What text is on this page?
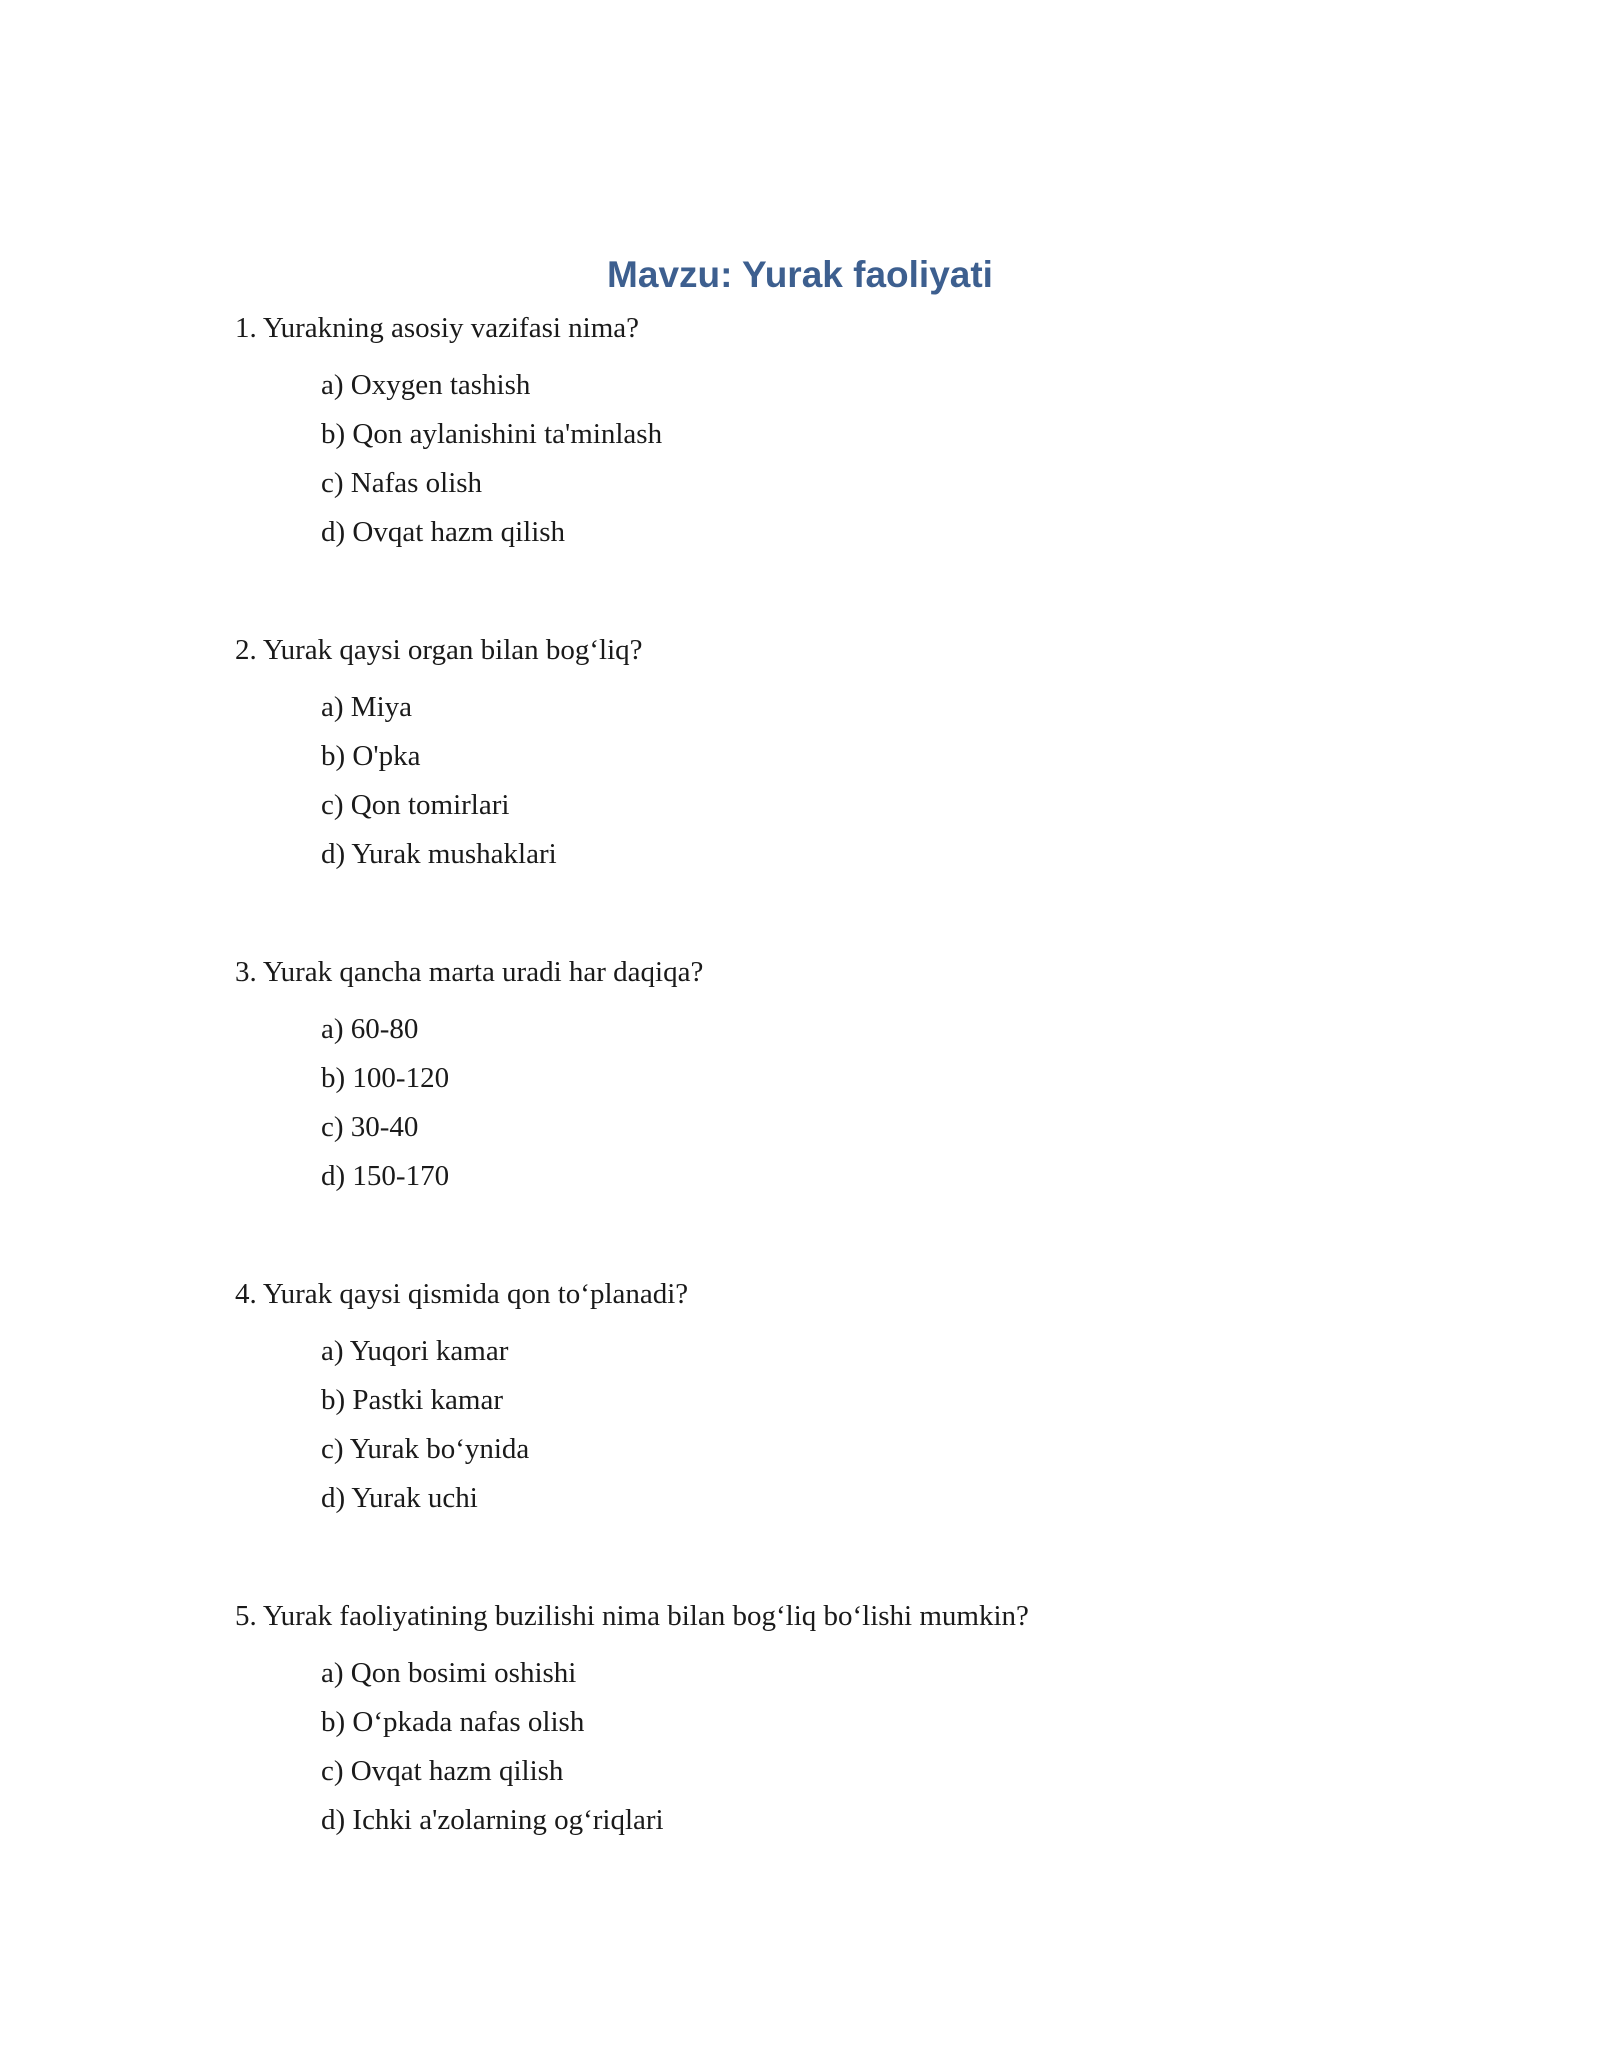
Mavzu: Yurak faoliyati

1. Yurakning asosiy vazifasi nima?

a) Oxygen tashish
b) Qon aylanishini ta'minlash
c) Nafas olish
d) Ovqat hazm qilish

2. Yurak qaysi organ bilan bog‘liq?

a) Miya
b) O'pka
c) Qon tomirlari
d) Yurak mushaklari

3. Yurak qancha marta uradi har daqiqa?

a) 60-80
b) 100-120
c) 30-40
d) 150-170

4. Yurak qaysi qismida qon to‘planadi?

a) Yuqori kamar
b) Pastki kamar
c) Yurak bo‘ynida
d) Yurak uchi

5. Yurak faoliyatining buzilishi nima bilan bog‘liq bo‘lishi mumkin?

a) Qon bosimi oshishi
b) O‘pkada nafas olish
c) Ovqat hazm qilish
d) Ichki a'zolarning og‘riqlari
